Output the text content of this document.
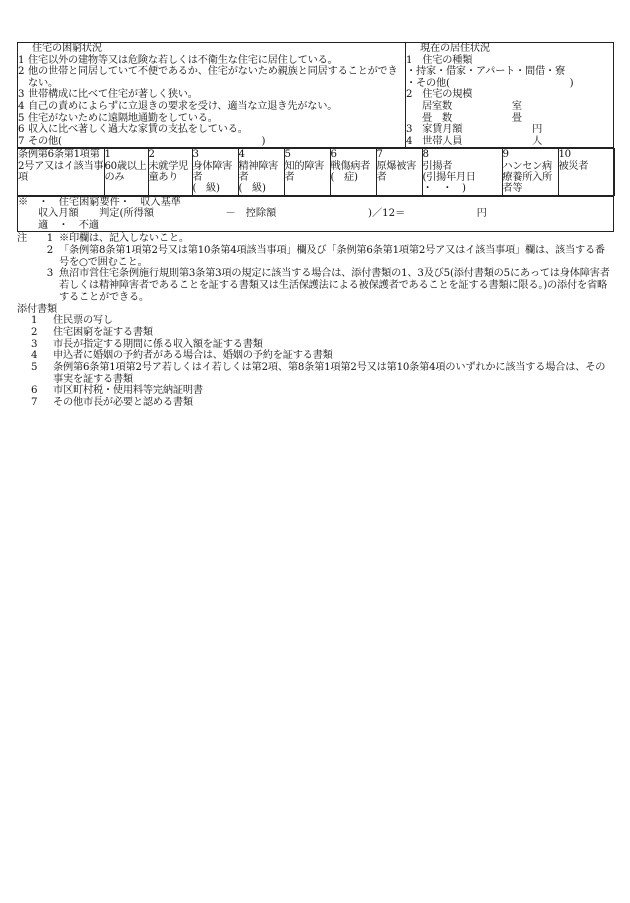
住宅の困窮状況
1 住宅以外の建物等又は危険な若しくは不衛生な住宅に居住している。
2 他の世帯と同居していて不便であるか、住宅がないため親族と同居することができない。
3 世帯構成に比べて住宅が著しく狭い。
4 自己の責めによらずに立退きの要求を受け、適当な立退き先がない。
5 住宅がないために遠隔地通勤をしている。
6 収入に比べ著しく過大な家賃の支払をしている。
7 その他(　　　　　　　　　　　　　　　　　　　　)

現在の居住状況
1　住宅の種類
・持家・借家・アパート・間借・寮
・その他(　　　　　　　　　　　　)
2　住宅の規模
居室数　　　　　　室
畳　数　　　　　　畳
3　家賃月額　　　　　　　円
4　世帯人員　　　　　　　人

条例第6条第1項第2号ア又はイ該当事項	
1
60歳以上のみ

2
未就学児童あり

3
身体障害者
(　級)

4
精神障害者
(　級)

5
知的障害者

6
戦傷病者
(　症)

7
原爆被害者

8
引揚者
(引揚年月日
・　・　)

9
ハンセン病療養所入所者等

10
被災者

※　・　住宅困窮要件・　収入基準
収入月額　　判定(所得額　　　　　　　－　控除額　　　　　　　　　)／12＝　　　　　　　円
適　・　不適
注	1 ※印欄は、記入しないこと。
2 「条例第8条第1項第2号又は第10条第4項該当事項」欄及び「条例第6条第1項第2号ア又はイ該当事項」欄は、該当する番号を○で囲むこと。
3 魚沼市営住宅条例施行規則第3条第3項の規定に該当する場合は、添付書類の1、3及び5(添付書類の5にあっては身体障害者若しくは精神障害者であることを証する書類又は生活保護法による被保護者であることを証する書類に限る。)の添付を省略することができる。
添付書類
1	住民票の写し
2	住宅困窮を証する書類
3	市長が指定する期間に係る収入額を証する書類
4	申込者に婚姻の予約者がある場合は、婚姻の予約を証する書類
5	条例第6条第1項第2号ア若しくはイ若しくは第2項、第8条第1項第2号又は第10条第4項のいずれかに該当する場合は、その事実を証する書類
6	市区町村税・使用料等完納証明書
7	その他市長が必要と認める書類
